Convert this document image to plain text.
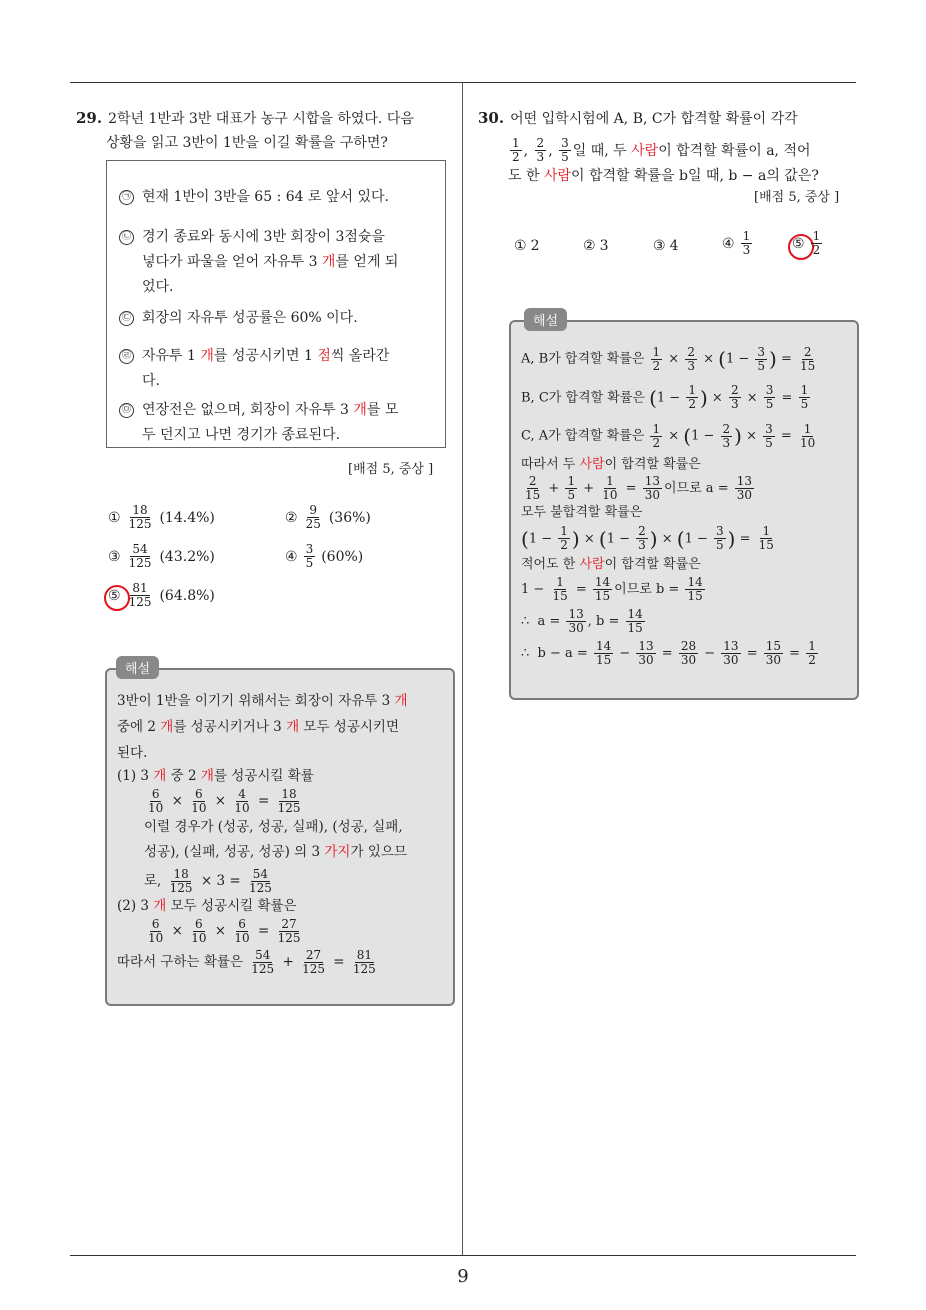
9
29. 2학년 1반과 3반 대표가 농구 시합을 하였다. 다음
상황을 읽고 3반이 1반을 이길 확률을 구하면?
㉠ 현재 1반이 3반을 65 : 64 로 앞서 있다.
㉡ 경기 종료와 동시에 3반 회장이 3점슛을
넣다가 파울을 얻어 자유투 3 개를 얻게 되
었다.
㉢ 회장의 자유투 성공률은 60% 이다.
㉣ 자유투 1 개를 성공시키면 1 점씩 올라간
다.
㉤ 연장전은 없으며, 회장이 자유투 3 개를 모
두 던지고 나면 경기가 종료된다.
[배점 5, 중상 ]
① $\frac{18}{125} (14.4\%)$	② $\frac{9}{25} (36\%)$
③ $\frac{54}{125} (43.2\%)$	④ $\frac{3}{5} (60\%)$
⑤ $\frac{81}{125} (64.8\%)$
해설
3반이 1반을 이기기 위해서는 회장이 자유투 3 개
중에 2 개를 성공시키거나 3 개 모두 성공시키면
된다.
(1) 3 개 중 2 개를 성공시킬 확률
$\frac{6}{10} \times \frac{6}{10} \times \frac{4}{10} = \frac{18}{125}$
이럴 경우가 (성공, 성공, 실패), (성공, 실패,
성공), (실패, 성공, 성공) 의 3 가지가 있으므
로, $\frac{18}{125} \times 3 = \frac{54}{125}$
(2) 3 개 모두 성공시킬 확률은
$\frac{6}{10} \times \frac{6}{10} \times \frac{6}{10} = \frac{27}{125}$
따라서 구하는 확률은 $\frac{54}{125} + \frac{27}{125} = \frac{81}{125}$
30. 어떤 입학시험에 A, B, C가 합격할 확률이 각각

$\frac{1}{2}$ , $\frac{2}{3}$ , $\frac{3}{5}$ 일 때, 두
사람 이 합격할 확률이 a, 적어

도 한 사람이 합격할 확률을 b일 때, b − a의 값은?
[배점 5, 중상 ]
① 2	② 3	③ 4	④ $\frac{1}{3}$	⑤ $\frac{1}{2}$
해설
A, B가 합격할 확률은 $\frac{1}{2} \times \frac{2}{3} \times (1 - \frac{3}{5}$ ) = $\frac{2}{15}$
B, C가 합격할 확률은 ($1 - \frac{1}{2}$ ) × $\frac{2}{3} \times \frac{3}{5} = \frac{1}{5}$
C, A가 합격할 확률은 $\frac{1}{2} \times (1 - \frac{2}{3}$ ) × $\frac{3}{5} = \frac{1}{10}$
따라서 두 사람이 합격할 확률은
$\frac{2}{15} + \frac{1}{5} + \frac{1}{10} = \frac{13}{30}$ 이므로 $a = \frac{13}{30}$
모두 불합격할 확률은
($1 - \frac{1}{2}$ ) × ($1 - \frac{2}{3}$ ) × ($1 - \frac{3}{5}$ ) = $\frac{1}{15}$
적어도 한 사람이 합격할 확률은
$1 - \frac{1}{15} = \frac{14}{15}$ 이므로 $b = \frac{14}{15}$
∴  $a = \frac{13}{30}$ , $b = \frac{14}{15}$
∴  $b - a = \frac{14}{15} - \frac{13}{30} = \frac{28}{30} - \frac{13}{30} = \frac{15}{30} = \frac{1}{2}$
